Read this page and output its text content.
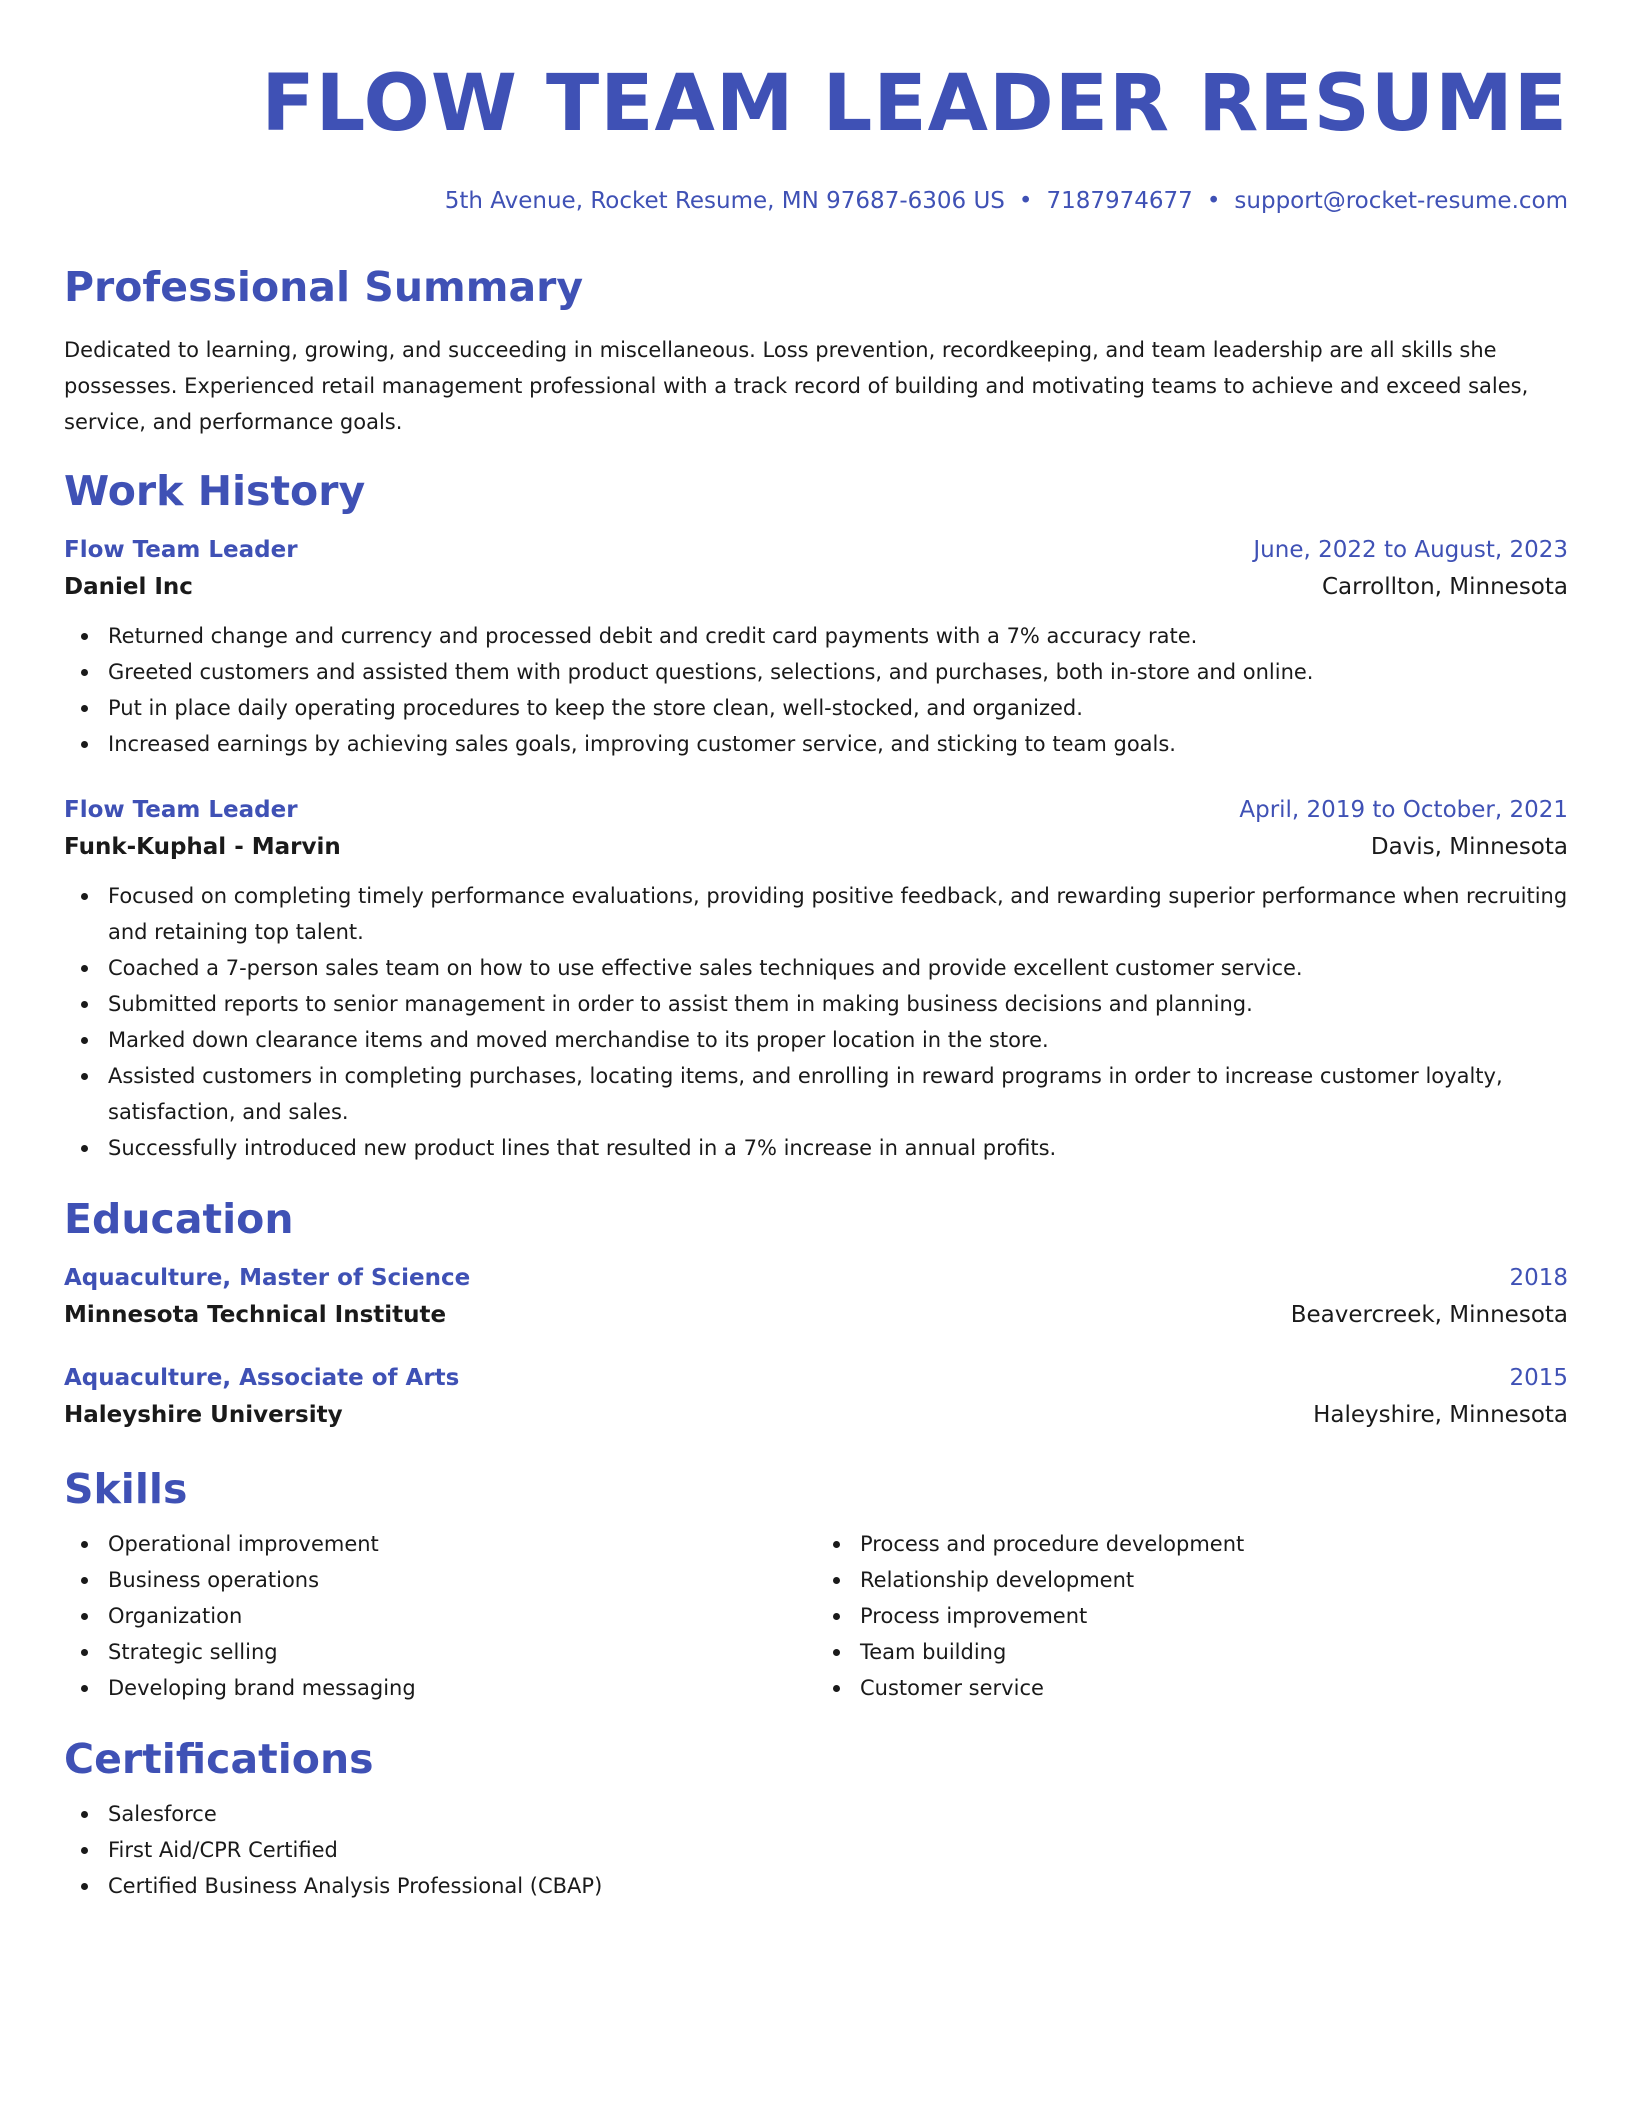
FLOW TEAM LEADER RESUME
5th Avenue, Rocket Resume, MN 97687-6306 US • 7187974677 • support@rocket-resume.com
Professional Summary

Dedicated to learning, growing, and succeeding in miscellaneous. Loss prevention, recordkeeping, and team leadership are all skills she possesses. Experienced retail management professional with a track record of building and motivating teams to achieve and exceed sales, service, and performance goals.

Work History
Flow Team Leader	June, 2022 to August, 2023
Daniel Inc	Carrollton, Minnesota
Returned change and currency and processed debit and credit card payments with a 7% accuracy rate.
Greeted customers and assisted them with product questions, selections, and purchases, both in-store and online.
Put in place daily operating procedures to keep the store clean, well-stocked, and organized.
Increased earnings by achieving sales goals, improving customer service, and sticking to team goals.
Flow Team Leader	April, 2019 to October, 2021
Funk-Kuphal - Marvin	Davis, Minnesota
Focused on completing timely performance evaluations, providing positive feedback, and rewarding superior performance when recruiting and retaining top talent.
Coached a 7-person sales team on how to use effective sales techniques and provide excellent customer service.
Submitted reports to senior management in order to assist them in making business decisions and planning.
Marked down clearance items and moved merchandise to its proper location in the store.
Assisted customers in completing purchases, locating items, and enrolling in reward programs in order to increase customer loyalty, satisfaction, and sales.
Successfully introduced new product lines that resulted in a 7% increase in annual profits.
Education
Aquaculture, Master of Science	2018
Minnesota Technical Institute	Beavercreek, Minnesota
Aquaculture, Associate of Arts	2015
Haleyshire University	Haleyshire, Minnesota
Skills
Operational improvement
Business operations
Organization
Strategic selling
Developing brand messaging
Process and procedure development
Relationship development
Process improvement
Team building
Customer service
Certifications
Salesforce
First Aid/CPR Certified
Certified Business Analysis Professional (CBAP)
